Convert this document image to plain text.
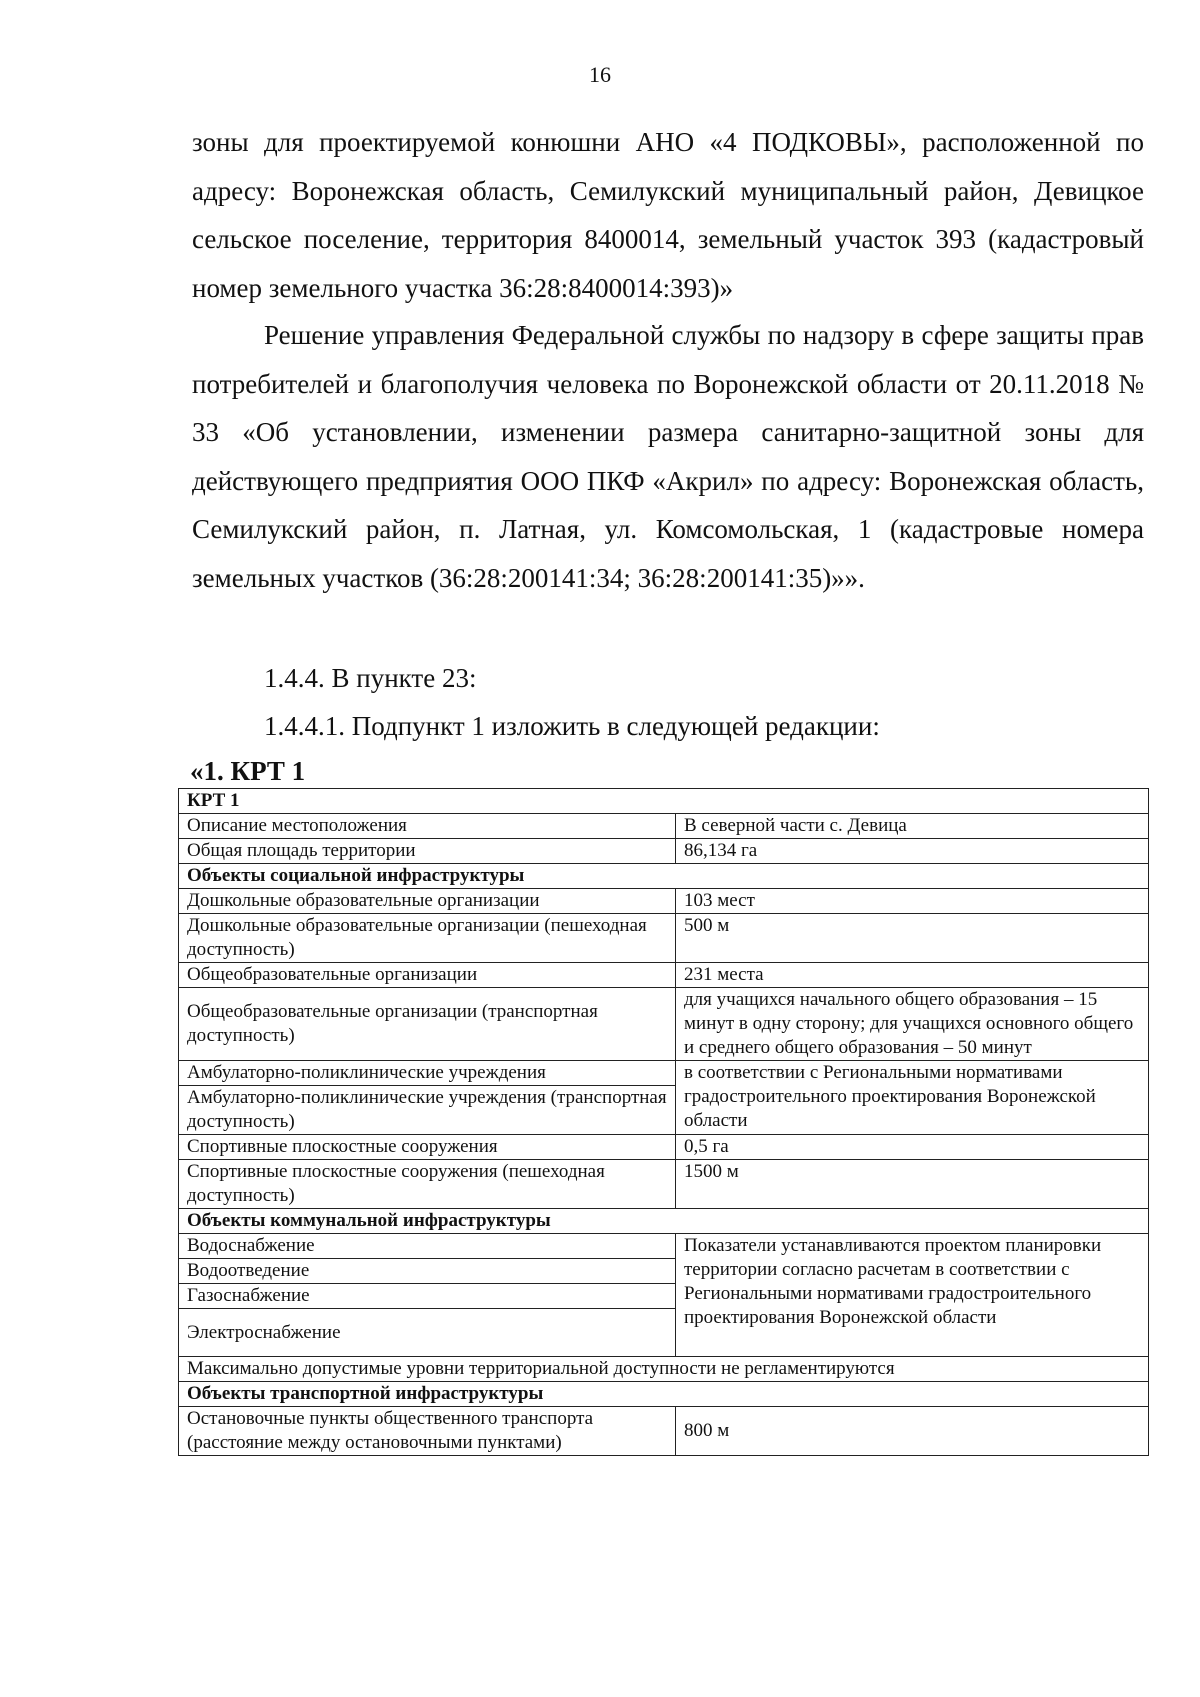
16

зоны для проектируемой конюшни АНО «4 ПОДКОВЫ», расположенной по адресу: Воронежская область, Семилукский муниципальный район, Девицкое сельское поселение, территория 8400014, земельный участок 393 (кадастровый номер земельного участка 36:28:8400014:393)»

Решение управления Федеральной службы по надзору в сфере защиты прав потребителей и благополучия человека по Воронежской области от 20.11.2018 № 33 «Об установлении, изменении размера санитарно-защитной зоны для действующего предприятия ООО ПКФ «Акрил» по адресу: Воронежская область, Семилукский район, п. Латная, ул. Комсомольская, 1 (кадастровые номера земельных участков (36:28:200141:34; 36:28:200141:35)»».

1.4.4. В пункте 23:

1.4.4.1. Подпункт 1 изложить в следующей редакции:

«1. КРТ 1
КРТ 1	
Описание местоположения	В северной части с. Девица
Общая площадь территории	86,134 га
Объекты социальной инфраструктуры	
Дошкольные образовательные организации	103 мест
Дошкольные образовательные организации (пешеходная доступность)	500 м
Общеобразовательные организации	231 места
Общеобразовательные организации (транспортная доступность)	для учащихся начального общего образования – 15 минут в одну сторону; для учащихся основного общего и среднего общего образования – 50 минут
Амбулаторно-поликлинические учреждения	в соответствии с Региональными нормативами градостроительного проектирования Воронежской области
Амбулаторно-поликлинические учреждения (транспортная доступность)	
Спортивные плоскостные сооружения	0,5 га
Спортивные плоскостные сооружения (пешеходная доступность)	1500 м
Объекты коммунальной инфраструктуры	
Водоснабжение	Показатели устанавливаются проектом планировки территории согласно расчетам в соответствии с Региональными нормативами градостроительного проектирования Воронежской области
Водоотведение	
Газоснабжение	
Электроснабжение	
Максимально допустимые уровни территориальной доступности не регламентируются	
Объекты транспортной инфраструктуры	
Остановочные пункты общественного транспорта (расстояние между остановочными пунктами)	800 м
